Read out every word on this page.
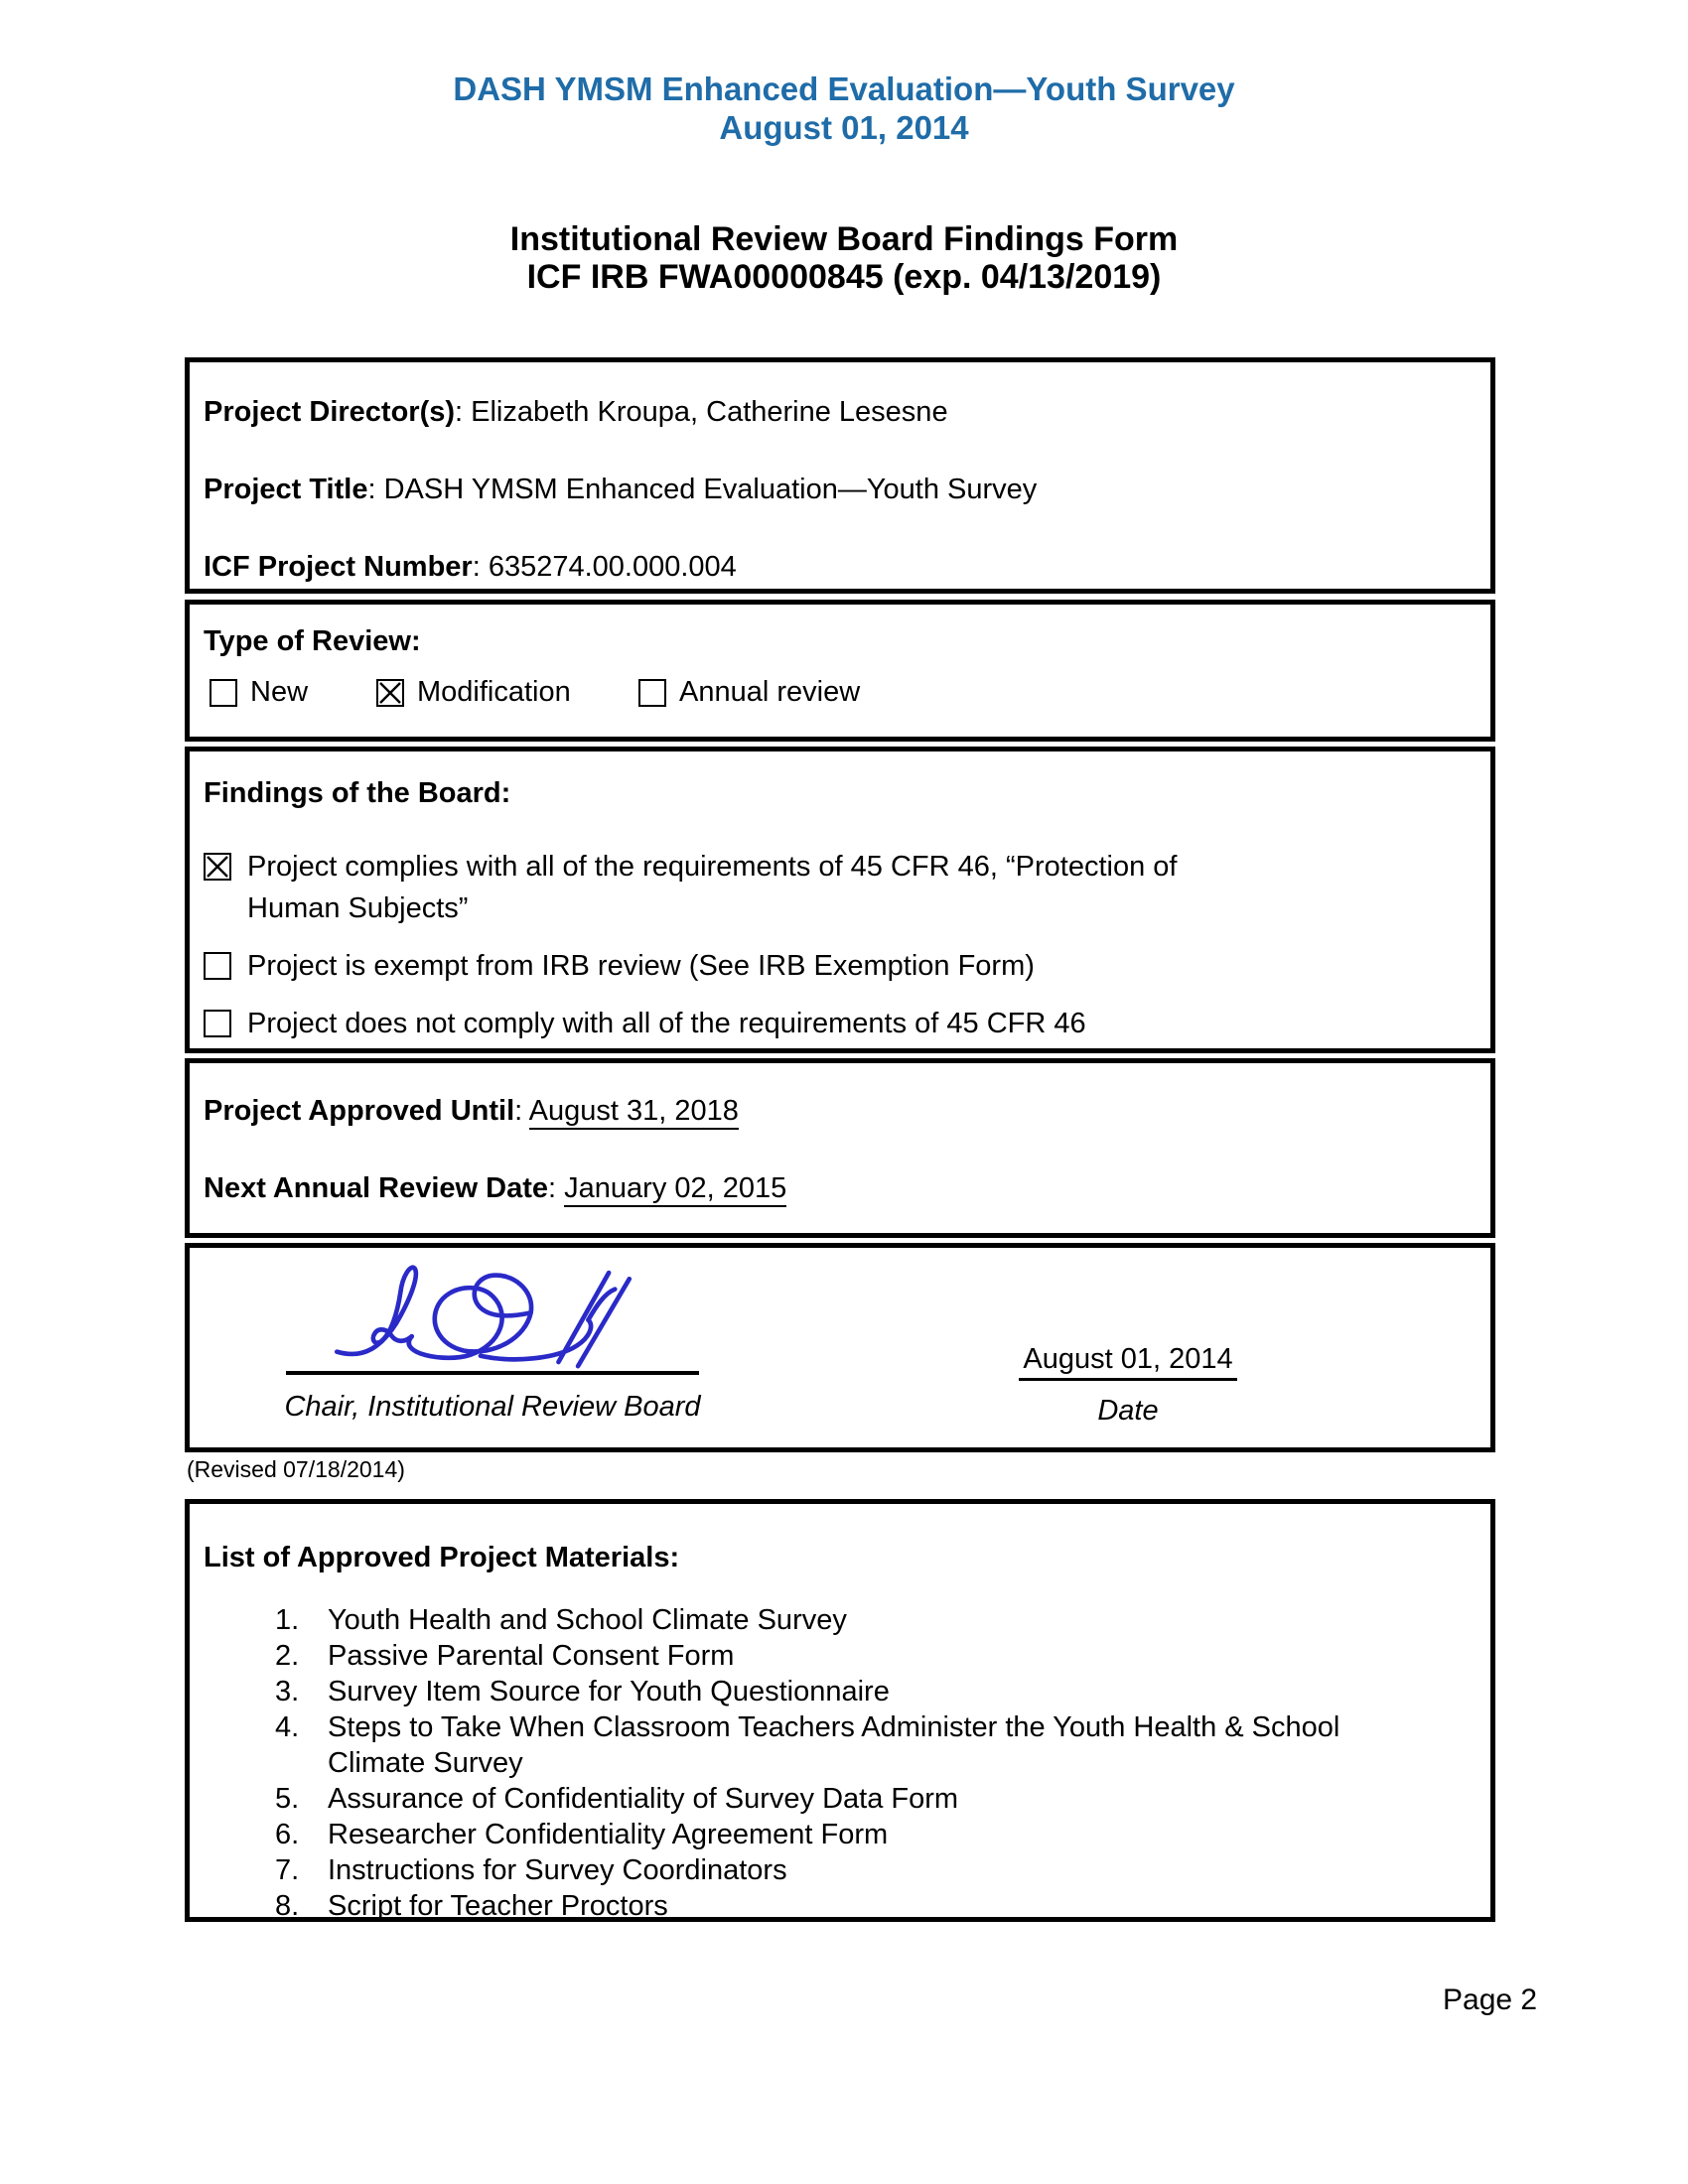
DASH YMSM Enhanced Evaluation—Youth Survey
August 01, 2014
Institutional Review Board Findings Form
ICF IRB FWA00000845 (exp. 04/13/2019)
Project Director(s): Elizabeth Kroupa, Catherine Lesesne
Project Title: DASH YMSM Enhanced Evaluation—Youth Survey
ICF Project Number: 635274.00.000.004
Type of Review:
New	Modification	Annual review
Findings of the Board:
Project complies with all of the requirements of 45 CFR 46, “Protection of Human Subjects”
Project is exempt from IRB review (See IRB Exemption Form)
Project does not comply with all of the requirements of 45 CFR 46
Project Approved Until: August 31, 2018
Next Annual Review Date: January 02, 2015
Chair, Institutional Review Board
August 01, 2014
Date
(Revised 07/18/2014)
List of Approved Project Materials:
1. Youth Health and School Climate Survey
2. Passive Parental Consent Form
3. Survey Item Source for Youth Questionnaire
4. Steps to Take When Classroom Teachers Administer the Youth Health & School Climate Survey
5. Assurance of Confidentiality of Survey Data Form
6. Researcher Confidentiality Agreement Form
7. Instructions for Survey Coordinators
8. Script for Teacher Proctors
Page 2
